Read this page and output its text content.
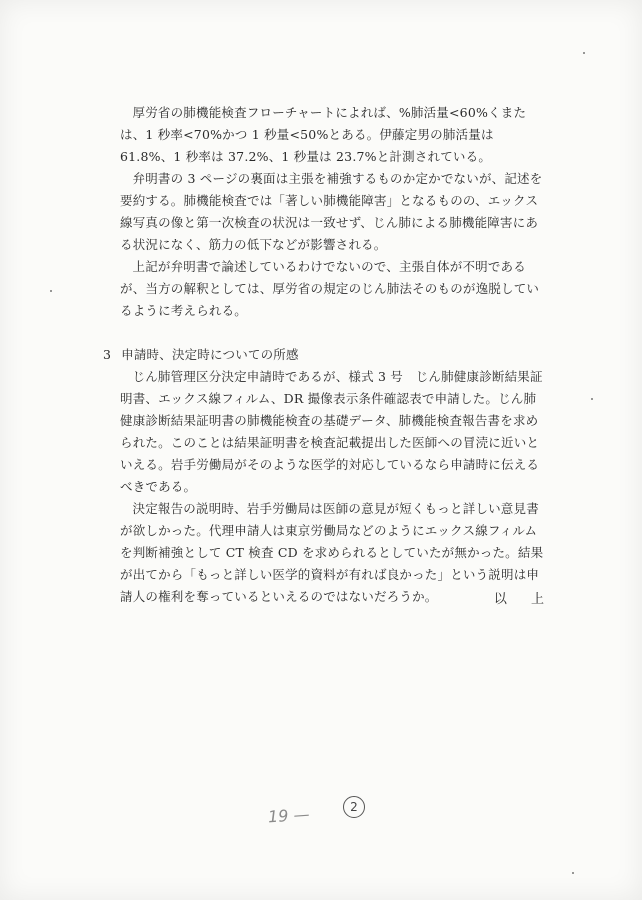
厚労省の肺機能検査フローチャートによれば、%肺活量<60%くまたは、1 秒率<70%かつ 1 秒量<50%とある。伊藤定男の肺活量は 61.8%、1 秒率は 37.2%、1 秒量は 23.7%と計測されている。

弁明書の 3 ページの裏面は主張を補強するものか定かでないが、記述を要約する。肺機能検査では「著しい肺機能障害」となるものの、エックス線写真の像と第一次検査の状況は一致せず、じん肺による肺機能障害にある状況になく、筋力の低下などが影響される。

上記が弁明書で論述しているわけでないので、主張自体が不明であるが、当方の解釈としては、厚労省の規定のじん肺法そのものが逸脱しているように考えられる。

3 申請時、決定時についての所感

じん肺管理区分決定申請時であるが、様式 3 号　じん肺健康診断結果証明書、エックス線フィルム、DR 撮像表示条件確認表で申請した。じん肺健康診断結果証明書の肺機能検査の基礎データ、肺機能検査報告書を求められた。このことは結果証明書を検査記載提出した医師への冒涜に近いといえる。岩手労働局がそのような医学的対応しているなら申請時に伝えるべきである。

決定報告の説明時、岩手労働局は医師の意見が短くもっと詳しい意見書が欲しかった。代理申請人は東京労働局などのようにエックス線フィルムを判断補強として CT 検査 CD を求められるとしていたが無かった。結果が出てから「もっと詳しい医学的資料が有れば良かった」という説明は申請人の権利を奪っているといえるのではないだろうか。	以 上
19 —	2
